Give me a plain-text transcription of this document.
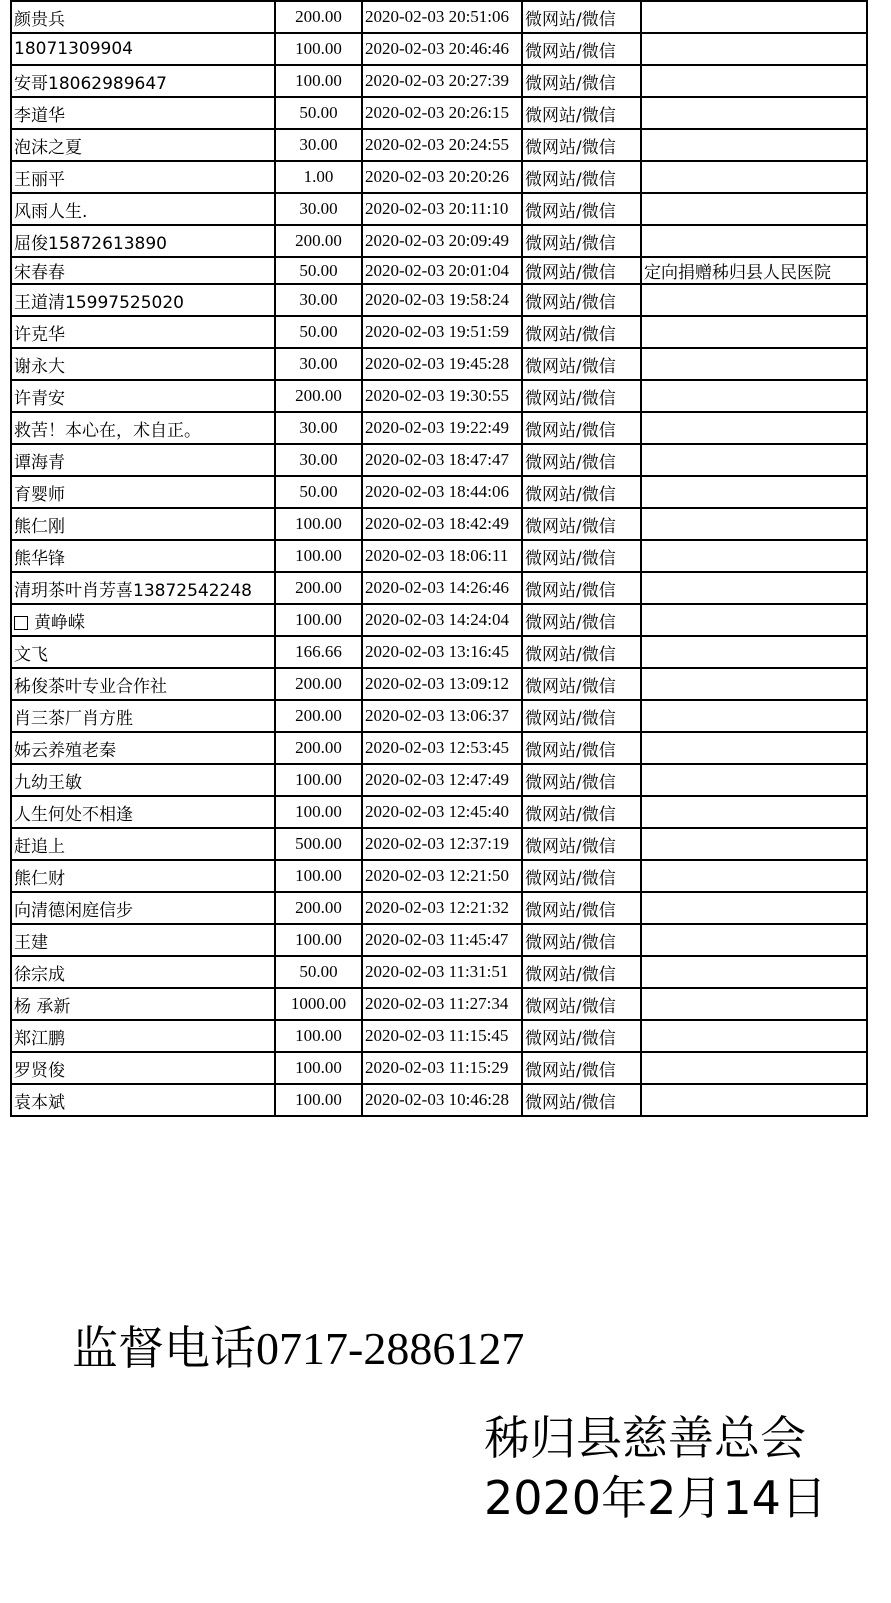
颜贵兵	200.00	2020-02-03 20:51:06	微网站/微信	
18071309904	100.00	2020-02-03 20:46:46	微网站/微信	
安哥18062989647	100.00	2020-02-03 20:27:39	微网站/微信	
李道华	50.00	2020-02-03 20:26:15	微网站/微信	
泡沫之夏	30.00	2020-02-03 20:24:55	微网站/微信	
王丽平	1.00	2020-02-03 20:20:26	微网站/微信	
风雨人生.	30.00	2020-02-03 20:11:10	微网站/微信	
屈俊15872613890	200.00	2020-02-03 20:09:49	微网站/微信	
宋春春	50.00	2020-02-03 20:01:04	微网站/微信	定向捐赠秭归县人民医院
王道清15997525020	30.00	2020-02-03 19:58:24	微网站/微信	
许克华	50.00	2020-02-03 19:51:59	微网站/微信	
谢永大	30.00	2020-02-03 19:45:28	微网站/微信	
许青安	200.00	2020-02-03 19:30:55	微网站/微信	
救苦！本心在，术自正。	30.00	2020-02-03 19:22:49	微网站/微信	
谭海青	30.00	2020-02-03 18:47:47	微网站/微信	
育婴师	50.00	2020-02-03 18:44:06	微网站/微信	
熊仁刚	100.00	2020-02-03 18:42:49	微网站/微信	
熊华锋	100.00	2020-02-03 18:06:11	微网站/微信	
清玥茶叶肖芳喜13872542248	200.00	2020-02-03 14:26:46	微网站/微信	
黄峥嵘	100.00	2020-02-03 14:24:04	微网站/微信	
文飞	166.66	2020-02-03 13:16:45	微网站/微信	
秭俊茶叶专业合作社	200.00	2020-02-03 13:09:12	微网站/微信	
肖三茶厂肖方胜	200.00	2020-02-03 13:06:37	微网站/微信	
姊云养殖老秦	200.00	2020-02-03 12:53:45	微网站/微信	
九幼王敏	100.00	2020-02-03 12:47:49	微网站/微信	
人生何处不相逢	100.00	2020-02-03 12:45:40	微网站/微信	
赶追上	500.00	2020-02-03 12:37:19	微网站/微信	
熊仁财	100.00	2020-02-03 12:21:50	微网站/微信	
向清德闲庭信步	200.00	2020-02-03 12:21:32	微网站/微信	
王建	100.00	2020-02-03 11:45:47	微网站/微信	
徐宗成	50.00	2020-02-03 11:31:51	微网站/微信	
杨 承新	1000.00	2020-02-03 11:27:34	微网站/微信	
郑江鹏	100.00	2020-02-03 11:15:45	微网站/微信	
罗贤俊	100.00	2020-02-03 11:15:29	微网站/微信	
袁本斌	100.00	2020-02-03 10:46:28	微网站/微信	
监督电话0717-2886127
秭归县慈善总会
2020年2月14日
